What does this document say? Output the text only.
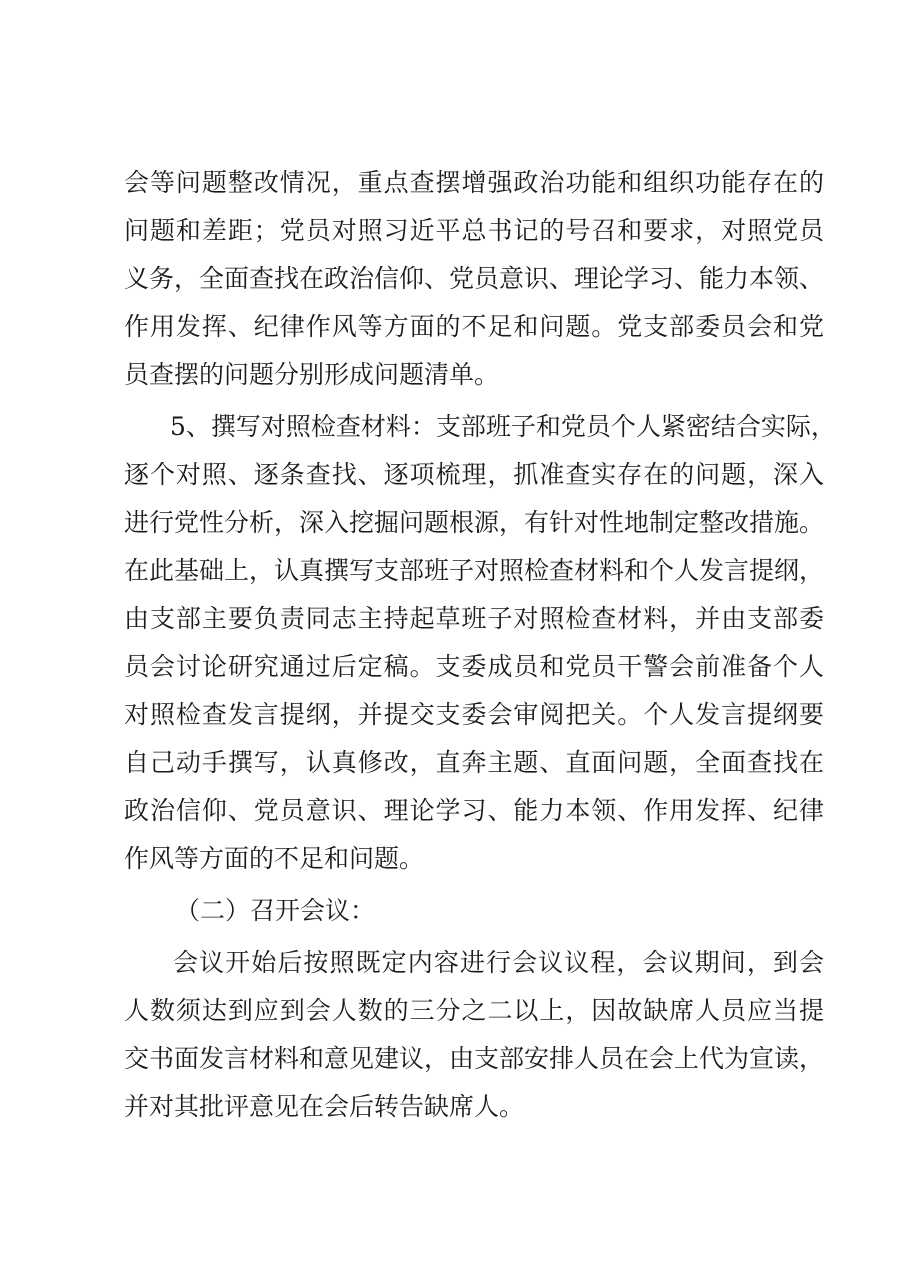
会等问题整改情况，重点查摆增强政治功能和组织功能存在的
问题和差距；党员对照习近平总书记的号召和要求，对照党员
义务，全面查找在政治信仰、党员意识、理论学习、能力本领、
作用发挥、纪律作风等方面的不足和问题。党支部委员会和党
员查摆的问题分别形成问题清单。
5、撰写对照检查材料：支部班子和党员个人紧密结合实际，
逐个对照、逐条查找、逐项梳理，抓准查实存在的问题，深入
进行党性分析，深入挖掘问题根源，有针对性地制定整改措施。
在此基础上，认真撰写支部班子对照检查材料和个人发言提纲，
由支部主要负责同志主持起草班子对照检查材料，并由支部委
员会讨论研究通过后定稿。支委成员和党员干警会前准备个人
对照检查发言提纲，并提交支委会审阅把关。个人发言提纲要
自己动手撰写，认真修改，直奔主题、直面问题，全面查找在
政治信仰、党员意识、理论学习、能力本领、作用发挥、纪律
作风等方面的不足和问题。
（二）召开会议：
会议开始后按照既定内容进行会议议程，会议期间，到会
人数须达到应到会人数的三分之二以上，因故缺席人员应当提
交书面发言材料和意见建议，由支部安排人员在会上代为宣读，
并对其批评意见在会后转告缺席人。
